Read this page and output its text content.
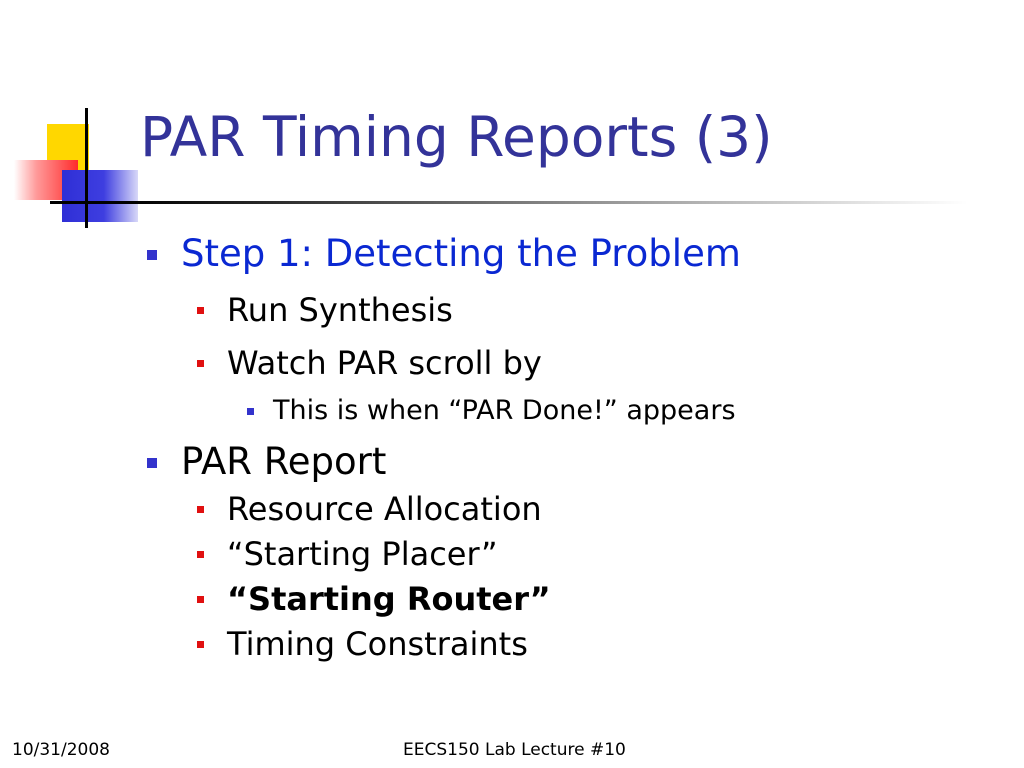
PAR Timing Reports (3)
Step 1: Detecting the Problem
Run Synthesis
Watch PAR scroll by
This is when “PAR Done!” appears
PAR Report
Resource Allocation
“Starting Placer”
“Starting Router”
Timing Constraints
10/31/2008	EECS150 Lab Lecture #10
